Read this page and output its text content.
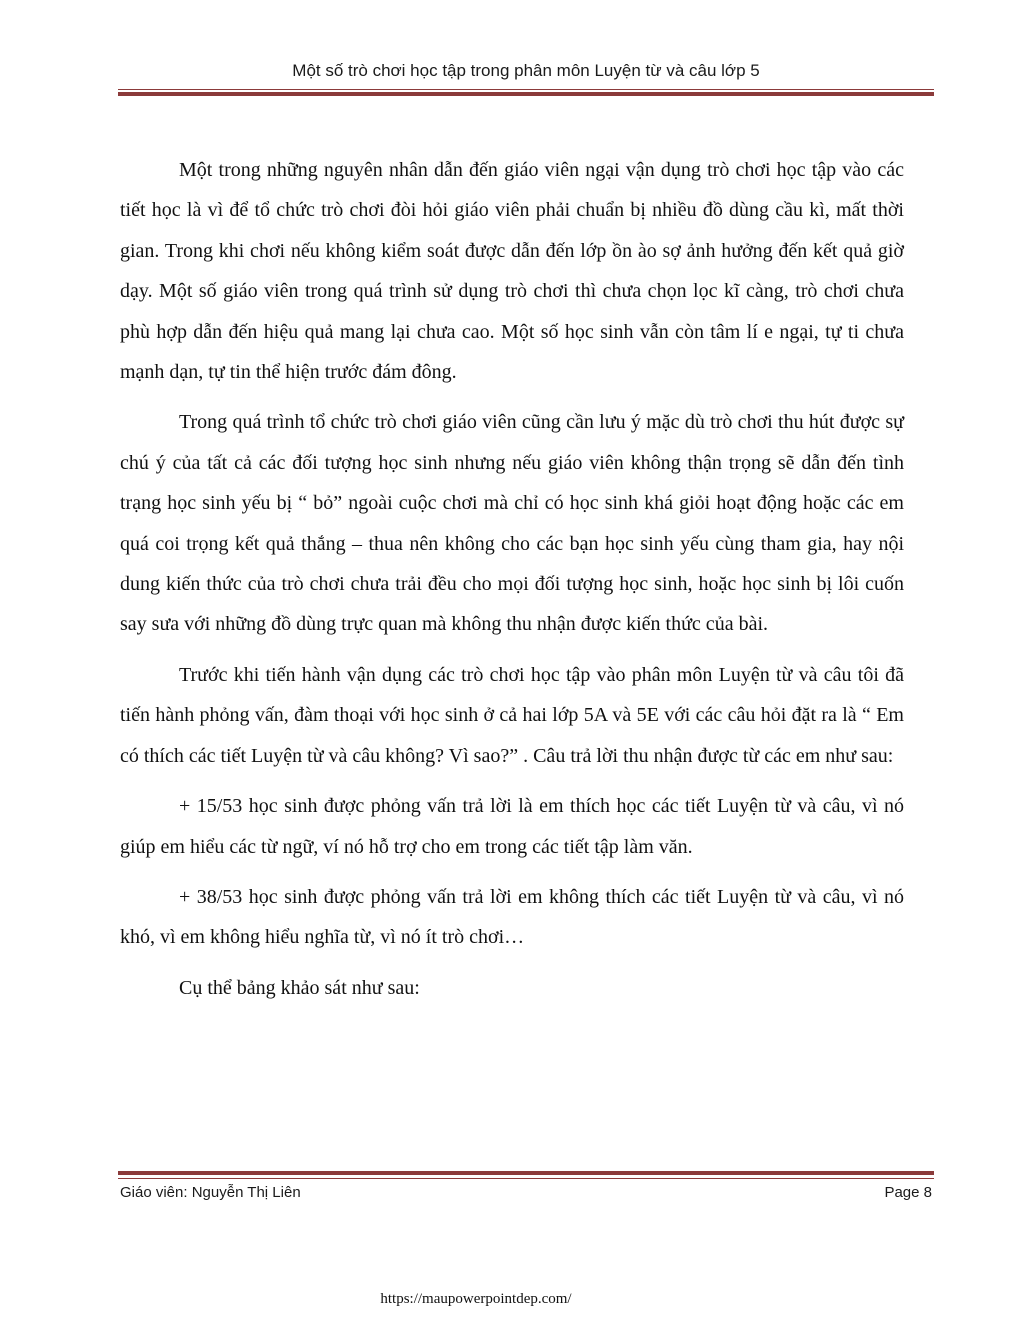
Một số trò chơi học tập trong phân môn Luyện từ và câu lớp 5

Một trong những nguyên nhân dẫn đến giáo viên ngại vận dụng trò chơi học tập vào các tiết học là vì để tổ chức trò chơi đòi hỏi giáo viên phải chuẩn bị nhiều đồ dùng cầu kì, mất thời gian. Trong khi chơi nếu không kiểm soát được dẫn đến lớp ồn ào sợ ảnh hưởng đến kết quả giờ dạy. Một số giáo viên trong quá trình sử dụng trò chơi thì chưa chọn lọc kĩ càng, trò chơi chưa phù hợp dẫn đến hiệu quả mang lại chưa cao. Một số học sinh vẫn còn tâm lí e ngại, tự ti chưa mạnh dạn, tự tin thể hiện trước đám đông.

Trong quá trình tổ chức trò chơi giáo viên cũng cần lưu ý mặc dù trò chơi thu hút được sự chú ý của tất cả các đối tượng học sinh nhưng nếu giáo viên không thận trọng sẽ dẫn đến tình trạng học sinh yếu bị “ bỏ” ngoài cuộc chơi mà chỉ có học sinh khá giỏi hoạt động hoặc các em quá coi trọng kết quả thắng – thua nên không cho các bạn học sinh yếu cùng tham gia, hay nội dung kiến thức của trò chơi chưa trải đều cho mọi đối tượng học sinh, hoặc học sinh bị lôi cuốn say sưa với những đồ dùng trực quan mà không thu nhận được kiến thức của bài.

Trước khi tiến hành vận dụng các trò chơi học tập vào phân môn Luyện từ và câu tôi đã tiến hành phỏng vấn, đàm thoại với học sinh ở cả hai lớp 5A và 5E với các câu hỏi đặt ra là “ Em có thích các tiết Luyện từ và câu không? Vì sao?” . Câu trả lời thu nhận được từ các em như sau:

+ 15/53 học sinh được phỏng vấn trả lời là em thích học các tiết Luyện từ và câu, vì nó giúp em hiểu các từ ngữ, ví nó hỗ trợ cho em trong các tiết tập làm văn.

+ 38/53 học sinh được phỏng vấn trả lời em không thích các tiết Luyện từ và câu, vì nó khó, vì em không hiểu nghĩa từ, vì nó ít trò chơi…

Cụ thể bảng khảo sát như sau:

Giáo viên: Nguyễn Thị Liên	Page 8
https://maupowerpointdep.com/
